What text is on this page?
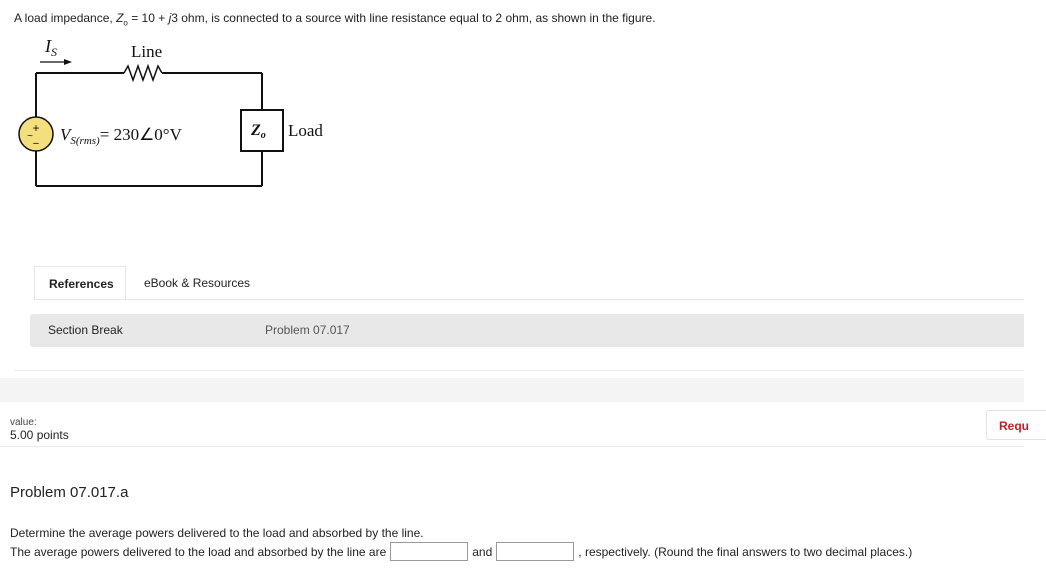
A load impedance, $Z_o = 10 + j3$ ohm, is connected to a source with line resistance equal to 2 ohm, as shown in the figure.
$I_S$	Line
+
~
− $V_{S(rms)}=$ 230∠0°V	Zo Load
References	eBook & Resources
Section Break	Problem 07.017
value:
5.00 points
Requ
Problem 07.017.a
Determine the average powers delivered to the load and absorbed by the line.
The average powers delivered to the load and absorbed by the line are	and	, respectively. (Round the final answers to two decimal places.)
